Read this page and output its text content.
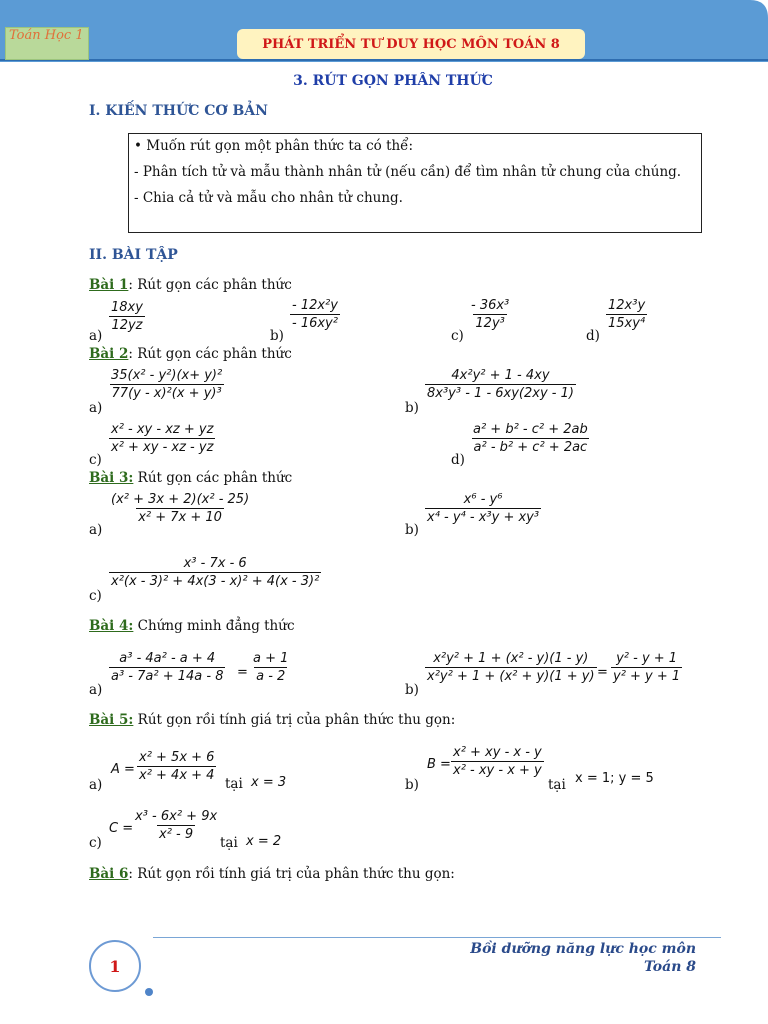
Toán Học 1
PHÁT TRIỂN TƯ DUY HỌC MÔN TOÁN 8
3. RÚT GỌN PHÂN THỨC
I. KIẾN THỨC CƠ BẢN

• Muốn rút gọn một phân thức ta có thể:

- Phân tích tử và mẫu thành nhân tử (nếu cần) để tìm nhân tử chung của chúng.

- Chia cả tử và mẫu cho nhân tử chung.

II. BÀI TẬP
Bài 1: Rút gọn các phân thức
a)
$\frac{18xy}{12yz}$
b)
$\frac{\text{- 12x²y}}{\text{- 16xy²}}$
c)
$\frac{\text{- 36x³}}{\text{12y³}}$
d)
$\frac{\text{12x³y}}{\text{15xy⁴}}$
Bài 2: Rút gọn các phân thức
a)
$\frac{\text{35(x² - y²)(x+ y)²}}{\text{77(y - x)²(x + y)³}}$
b)
$\frac{\text{4x²y² + 1 - 4xy}}{\text{8x³y³ - 1 - 6xy(2xy - 1)}}$
c)
$\frac{\text{x² - xy - xz + yz}}{\text{x² + xy - xz - yz}}$
d)
$\frac{\text{a² + b² - c² + 2ab}}{\text{a² - b² + c² + 2ac}}$
Bài 3: Rút gọn các phân thức
a)
$\frac{\text{(x² + 3x + 2)(x² - 25)}}{\text{x² + 7x + 10}}$
b)
$\frac{\text{x⁶ - y⁶}}{\text{x⁴ - y⁴ - x³y + xy³}}$
c)
$\frac{\text{x³ - 7x - 6}}{\text{x²(x - 3)² + 4x(3 - x)² + 4(x - 3)²}}$
Bài 4: Chứng minh đẳng thức
a)
$\frac{\text{a³ - 4a² - a + 4}}{\text{a³ - 7a² + 14a - 8}} = \frac{a + 1}{a - 2}$
b)
$\frac{\text{x²y² + 1 + (x² - y)(1 - y)}}{\text{x²y² + 1 + (x² + y)(1 + y)}} = \frac{\text{y² - y + 1}}{\text{y² + y + 1}}$
Bài 5: Rút gọn rồi tính giá trị của phân thức thu gọn:
a)
$A = \frac{\text{x² + 5x + 6}}{\text{x² + 4x + 4}}$
tại x = 3	b)
$B = \frac{\text{x² + xy - x - y}}{\text{x² - xy - x + y}}$
tại x = 1; y = 5
c)
$C = \frac{\text{x³ - 6x² + 9x}}{\text{x² - 9}}$
tại x = 2
Bài 6: Rút gọn rồi tính giá trị của phân thức thu gọn:
Bồi dưỡng năng lực học môn
Toán 8
1
